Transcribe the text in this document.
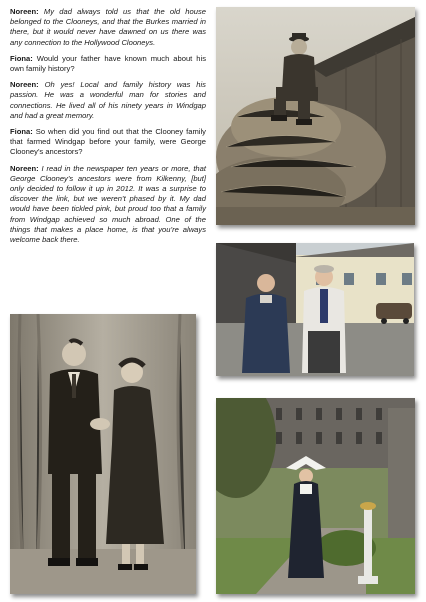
Noreen: My dad always told us that the old house belonged to the Clooneys, and that the Burkes married in there, but it would never have dawned on us there was any connection to the Hollywood Clooneys.

Fiona: Would your father have known much about his own family history?

Noreen: Oh yes! Local and family history was his passion. He was a wonderful man for stories and connections. He lived all of his ninety years in Windgap and had a great memory.

Fiona: So when did you find out that the Clooney family that farmed Windgap before your family, were George Clooney’s ancestors?

Noreen: I read in the newspaper ten years or more, that George Clooney’s ancestors were from Kilkenny, [but] only decided to follow it up in 2012. It was a surprise to discover the link, but we weren’t phased by it. My dad would have been tickled pink, but proud too that a family from Windgap achieved so much abroad. One of the things that makes a place home, is that you’re always welcome back there.
